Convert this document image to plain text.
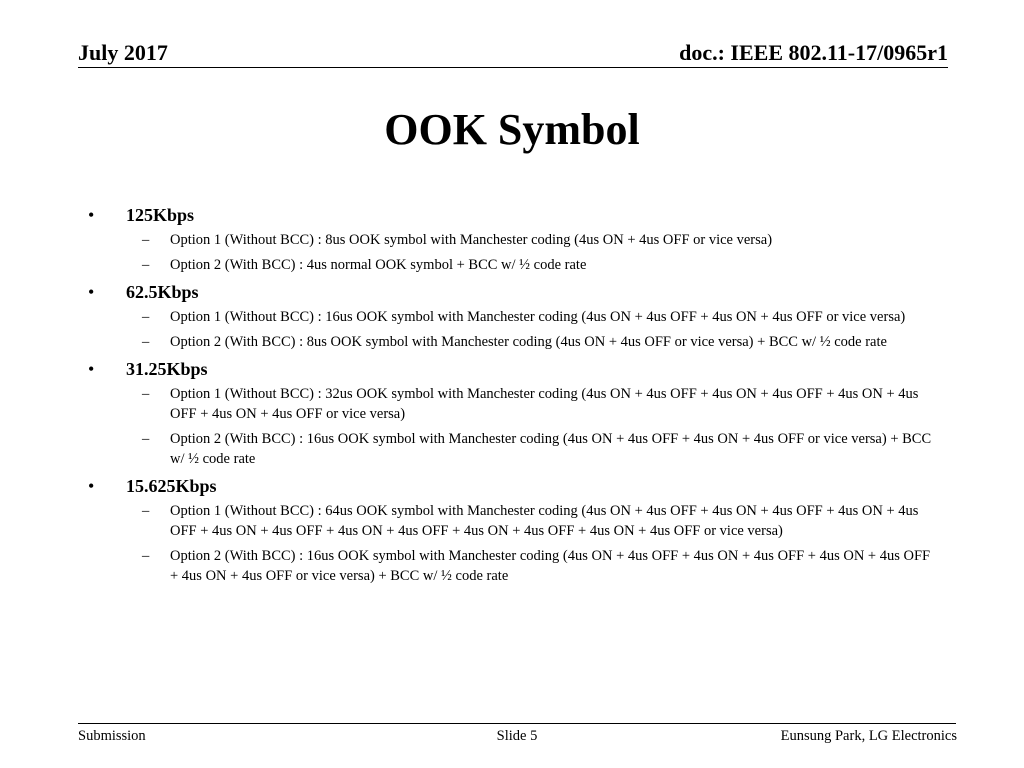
July 2017	doc.: IEEE 802.11-17/0965r1
OOK Symbol
• 125Kbps
– Option 1 (Without BCC) : 8us OOK symbol with Manchester coding (4us ON + 4us OFF or vice versa)
– Option 2 (With BCC) : 4us normal OOK symbol + BCC w/ ½ code rate
• 62.5Kbps
– Option 1 (Without BCC) : 16us OOK symbol with Manchester coding (4us ON + 4us OFF + 4us ON + 4us OFF or vice versa)
– Option 2 (With BCC) : 8us OOK symbol with Manchester coding (4us ON + 4us OFF or vice versa) + BCC w/ ½ code rate
• 31.25Kbps
– Option 1 (Without BCC) : 32us OOK symbol with Manchester coding (4us ON + 4us OFF + 4us ON + 4us OFF + 4us ON + 4us OFF + 4us ON + 4us OFF or vice versa)
– Option 2 (With BCC) : 16us OOK symbol with Manchester coding (4us ON + 4us OFF + 4us ON + 4us OFF or vice versa) + BCC w/ ½ code rate
• 15.625Kbps
– Option 1 (Without BCC) : 64us OOK symbol with Manchester coding (4us ON + 4us OFF + 4us ON + 4us OFF + 4us ON + 4us OFF + 4us ON + 4us OFF + 4us ON + 4us OFF + 4us ON + 4us OFF + 4us ON + 4us OFF or vice versa)
– Option 2 (With BCC) : 16us OOK symbol with Manchester coding (4us ON + 4us OFF + 4us ON + 4us OFF + 4us ON + 4us OFF + 4us ON + 4us OFF or vice versa) + BCC w/ ½ code rate
Submission	Slide 5	Eunsung Park, LG Electronics
